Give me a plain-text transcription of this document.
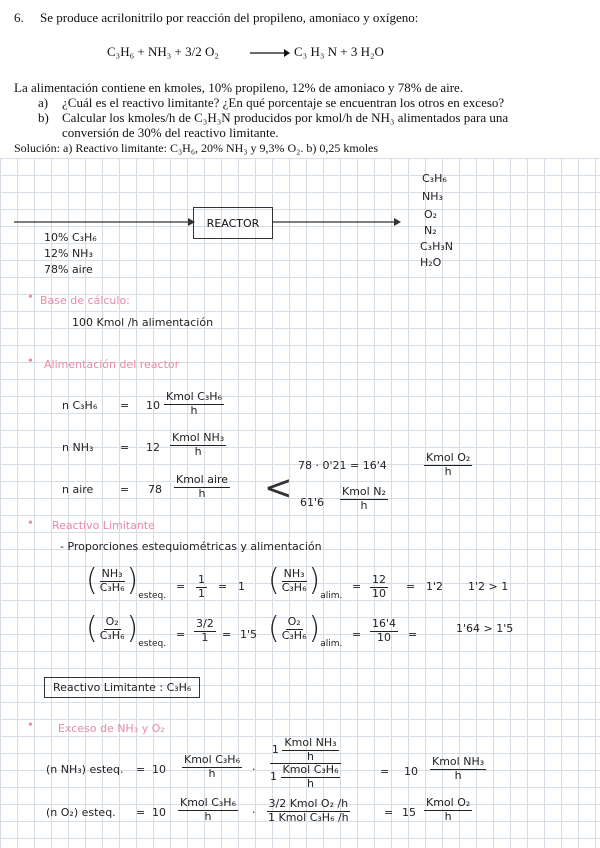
6. Se produce acrilonitrilo por reacción del propileno, amoniaco y oxígeno:
C₃H₆ + NH₃ + 3/2 O₂ → C₃ H₃ N + 3 H₂O
La alimentación contiene en kmoles, 10% propileno, 12% de amoniaco y 78% de aire.
a) ¿Cuál es el reactivo limitante? ¿En qué porcentaje se encuentran los otros en exceso?
b) Calcular los kmoles/h de C₃H₃N producidos por kmol/h de NH₃ alimentados para una
conversión de 30% del reactivo limitante.
Solución: a) Reactivo limitante: C₃H₆, 20% NH₃ y 9,3% O₂. b) 0,25 kmoles
REACTOR
10% C₃H₆
12% NH₃
78% aire
C₃H₆
NH₃
O₂
N₂
C₃H₃N
H₂O
• Base de cálculo:
100 Kmol /h alimentación
• Alimentación del reactor
n $C_3H_6 = 10 \frac{\text{Kmol C₃H₆}}{h}$
n $NH_3 = 12 \frac{\text{Kmol NH₃}}{h}$
n aire = $78 \frac{\text{Kmol aire}}{h}$ <
78 · 0'21 = 16'4	$\frac{\text{Kmol O₂}}{h}$
$61'6 \frac{\text{Kmol N₂}}{h}$
• Reactivo Limitante
- Proporciones estequiométricas y alimentación
( $\frac{\text{NH₃}}{\text{C₃H₆}} )_{esteq.}$
= $\frac{1}{1} = 1$ ( $\frac{\text{NH₃}}{\text{C₃H₆}} )_{alim.}$
= $\frac{12}{10} = 1'2$ 1'2 > 1
( $\frac{\text{O₂}}{\text{C₃H₆}} )_{esteq.}$
= $\frac{3/2}{1} = 1'5$ ( $\frac{\text{O₂}}{\text{C₃H₆}} )_{alim.}$
= $\frac{16'4}{10}$ =	1'64 > 1'5
Reactivo Limitante : C₃H₆
• Exceso de NH₃ y O₂
(n NH₃) esteq. = $10 \frac{\text{Kmol C₃H₆}}{h} \cdot \frac{1 \frac{\text{Kmol NH₃}}{h}}{1 \frac{\text{Kmol C₃H₆}}{h}}$	= $10 \frac{\text{Kmol NH₃}}{h}$
(n O₂) esteq. = $10 \frac{\text{Kmol C₃H₆}}{h} \cdot \frac{\text{3/2 Kmol O₂ /h}}{\text{1 Kmol C₃H₆ /h}}$	= $15 \frac{\text{Kmol O₂}}{h}$
